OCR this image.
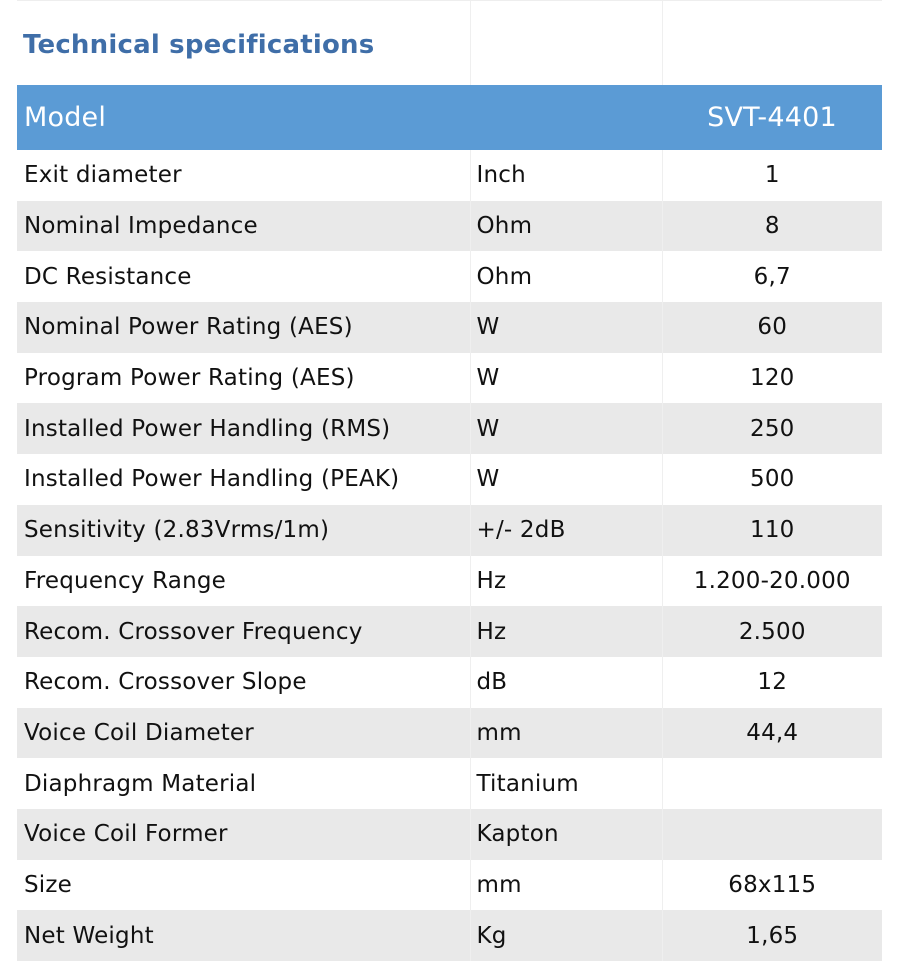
Technical specifications		

Model		SVT-4401
Exit diameter	Inch	1
Nominal Impedance	Ohm	8
DC Resistance	Ohm	6,7
Nominal Power Rating (AES)	W	60
Program Power Rating (AES)	W	120
Installed Power Handling (RMS)	W	250
Installed Power Handling (PEAK)	W	500
Sensitivity (2.83Vrms/1m)	+/- 2dB	110
Frequency Range	Hz	1.200-20.000
Recom. Crossover Frequency	Hz	2.500
Recom. Crossover Slope	dB	12
Voice Coil Diameter	mm	44,4
Diaphragm Material	Titanium	
Voice Coil Former	Kapton	
Size	mm	68x115
Net Weight	Kg	1,65
